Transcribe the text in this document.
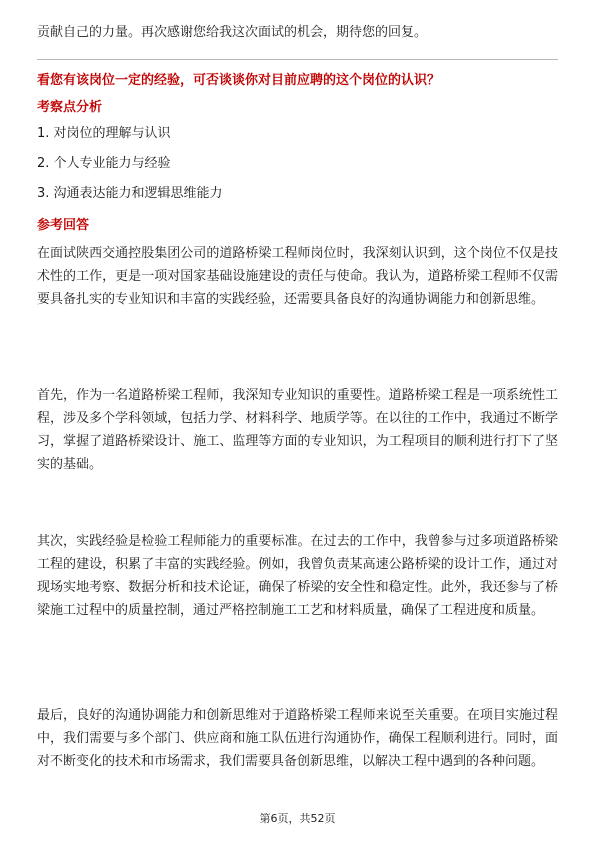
贡献自己的力量。再次感谢您给我这次面试的机会，期待您的回复。

看您有该岗位一定的经验，可否谈谈你对目前应聘的这个岗位的认识？

考察点分析

1. 对岗位的理解与认识

2. 个人专业能力与经验

3. 沟通表达能力和逻辑思维能力

参考回答

在面试陕西交通控股集团公司的道路桥梁工程师岗位时，我深刻认识到，这个岗位不仅是技术性的工作，更是一项对国家基础设施建设的责任与使命。我认为，道路桥梁工程师不仅需要具备扎实的专业知识和丰富的实践经验，还需要具备良好的沟通协调能力和创新思维。

首先，作为一名道路桥梁工程师，我深知专业知识的重要性。道路桥梁工程是一项系统性工程，涉及多个学科领域，包括力学、材料科学、地质学等。在以往的工作中，我通过不断学习，掌握了道路桥梁设计、施工、监理等方面的专业知识，为工程项目的顺利进行打下了坚实的基础。

其次，实践经验是检验工程师能力的重要标准。在过去的工作中，我曾参与过多项道路桥梁工程的建设，积累了丰富的实践经验。例如，我曾负责某高速公路桥梁的设计工作，通过对现场实地考察、数据分析和技术论证，确保了桥梁的安全性和稳定性。此外，我还参与了桥梁施工过程中的质量控制，通过严格控制施工工艺和材料质量，确保了工程进度和质量。

最后，良好的沟通协调能力和创新思维对于道路桥梁工程师来说至关重要。在项目实施过程中，我们需要与多个部门、供应商和施工队伍进行沟通协作，确保工程顺利进行。同时，面对不断变化的技术和市场需求，我们需要具备创新思维，以解决工程中遇到的各种问题。

第6页，共52页
